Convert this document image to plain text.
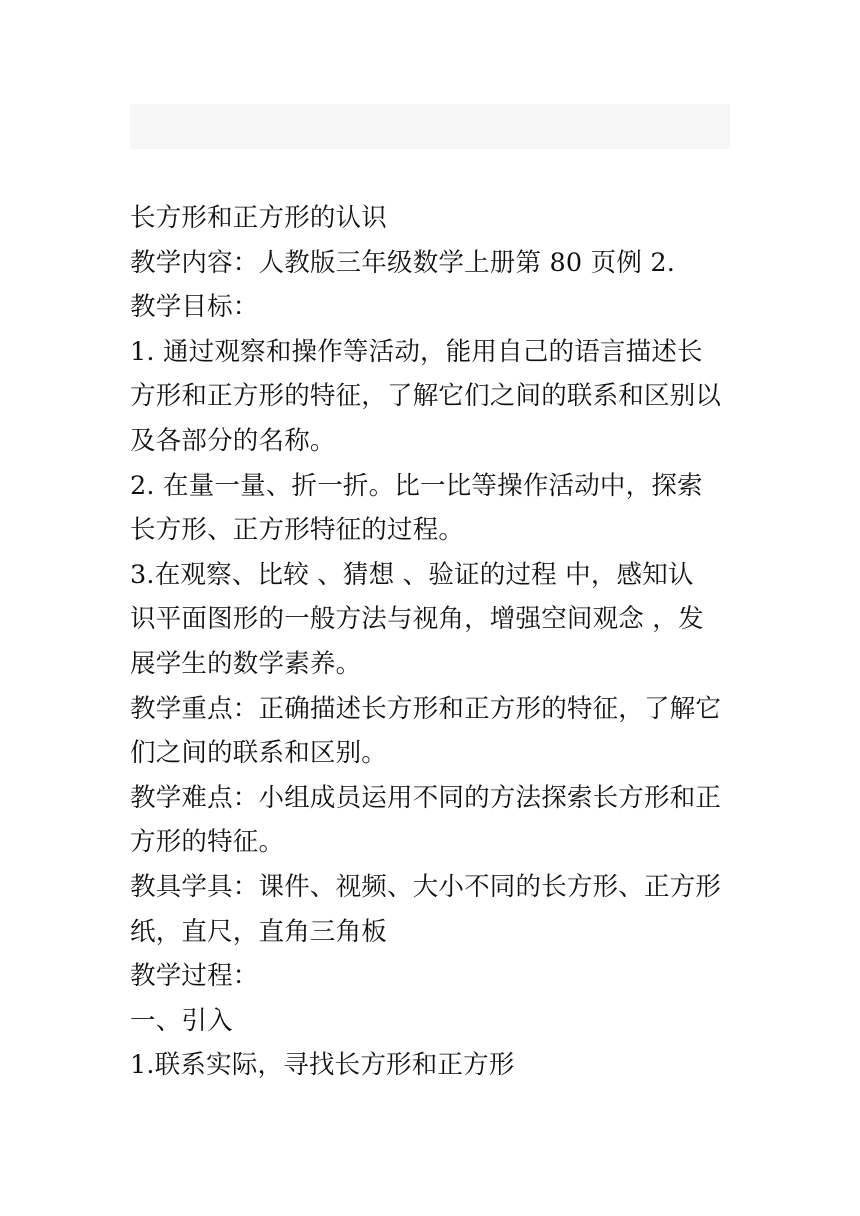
长方形和正方形的认识
教学内容：人教版三年级数学上册第 80 页例 2.
教学目标：
1. 通过观察和操作等活动，能用自己的语言描述长
方形和正方形的特征，了解它们之间的联系和区别以
及各部分的名称。
2. 在量一量、折一折。比一比等操作活动中，探索
长方形、正方形特征的过程。
3.在观察、比较 、猜想 、验证的过程 中，感知认
识平面图形的一般方法与视角，增强空间观念 ，发
展学生的数学素养。
教学重点：正确描述长方形和正方形的特征，了解它
们之间的联系和区别。
教学难点：小组成员运用不同的方法探索长方形和正
方形的特征。
教具学具：课件、视频、大小不同的长方形、正方形
纸，直尺，直角三角板
教学过程：
一、引入
1.联系实际，寻找长方形和正方形
